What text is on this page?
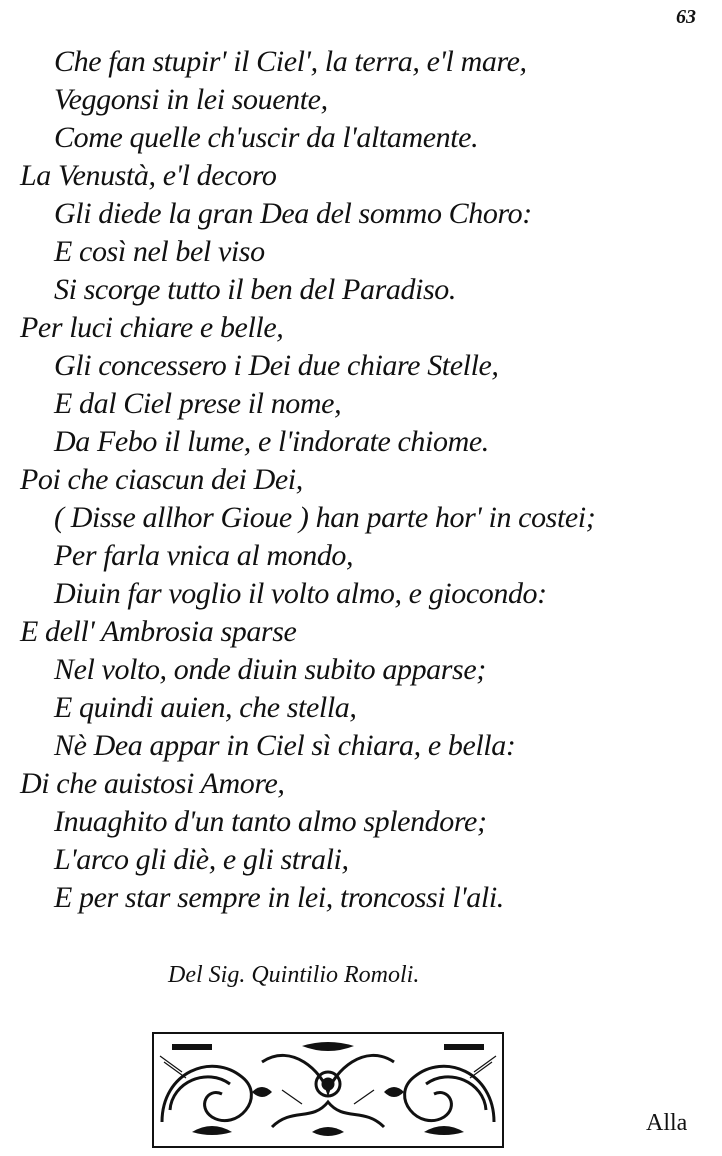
63
Che fan stupir' il Ciel', la terra, e'l mare,
Veggonsi in lei souente,
Come quelle ch'uscir da l'altamente.
La Venustà, e'l decoro
Gli diede la gran Dea del sommo Choro:
E così nel bel viso
Si scorge tutto il ben del Paradiso.
Per luci chiare e belle,
Gli concessero i Dei due chiare Stelle,
E dal Ciel prese il nome,
Da Febo il lume, e l'indorate chiome.
Poi che ciascun dei Dei,
( Disse allhor Gioue ) han parte hor' in costei;
Per farla vnica al mondo,
Diuin far voglio il volto almo, e giocondo:
E dell' Ambrosia sparse
Nel volto, onde diuin subito apparse;
E quindi auien, che stella,
Nè Dea appar in Ciel sì chiara, e bella:
Di che auistosi Amore,
Inuaghito d'un tanto almo splendore;
L'arco gli diè, e gli strali,
E per star sempre in lei, troncossi l'ali.
Del Sig. Quintilio Romoli.
Alla
